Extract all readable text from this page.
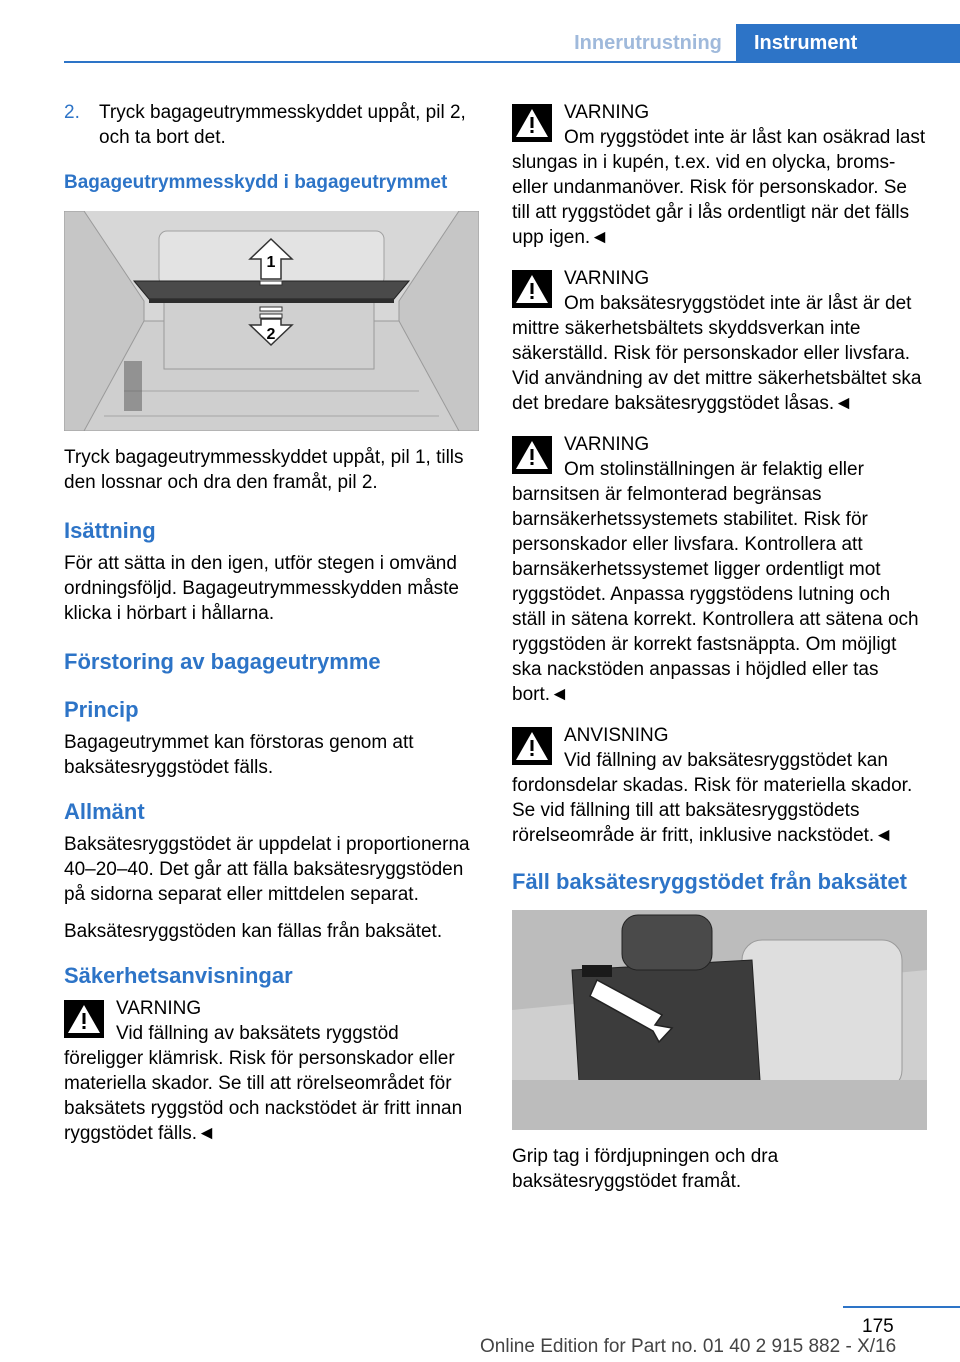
Innerutrustning	Instrument
2. Tryck bagageutrymmesskyddet uppåt, pil 2, och ta bort det.
Bagageutrymmesskydd i bagageutrymmet
1
2

Tryck bagageutrymmesskyddet uppåt, pil 1, tills den lossnar och dra den framåt, pil 2.

Isättning

För att sätta in den igen, utför stegen i omvänd ordningsföljd. Bagageutrymmesskydden måste klicka i hörbart i hållarna.

Förstoring av bagageutrymme
Princip

Bagageutrymmet kan förstoras genom att baksätesryggstödet fälls.

Allmänt

Baksätesryggstödet är uppdelat i proportionerna 40–20–40. Det går att fälla baksätesryggstöden på sidorna separat eller mittdelen separat.

Baksätesryggstöden kan fällas från baksätet.

Säkerhetsanvisningar
VARNING
Vid fällning av baksätets ryggstöd föreligger klämrisk. Risk för personskador eller materiella skador. Se till att rörelseområdet för baksätets ryggstöd och nackstödet är fritt innan ryggstödet fälls.◄
VARNING
Om ryggstödet inte är låst kan osäkrad last slungas in i kupén, t.ex. vid en olycka, broms- eller undanmanöver. Risk för personskador. Se till att ryggstödet går i lås ordentligt när det fälls upp igen.◄
VARNING
Om baksätesryggstödet inte är låst är det mittre säkerhetsbältets skyddsverkan inte säkerställd. Risk för personskador eller livsfara. Vid användning av det mittre säkerhetsbältet ska det bredare baksätesryggstödet låsas.◄
VARNING
Om stolinställningen är felaktig eller barnsitsen är felmonterad begränsas barnsäkerhetssystemets stabilitet. Risk för personskador eller livsfara. Kontrollera att barnsäkerhetssystemet ligger ordentligt mot ryggstödet. Anpassa ryggstödens lutning och ställ in sätena korrekt. Kontrollera att sätena och ryggstöden är korrekt fastsnäppta. Om möjligt ska nackstöden anpassas i höjdled eller tas bort.◄
ANVISNING
Vid fällning av baksätesryggstödet kan fordonsdelar skadas. Risk för materiella skador. Se vid fällning till att baksätesryggstödets rörelseområde är fritt, inklusive nackstödet.◄
Fäll baksätesryggstödet från baksätet

Grip tag i fördjupningen och dra baksätesryggstödet framåt.

175
Online Edition for Part no. 01 40 2 915 882 - X/16
